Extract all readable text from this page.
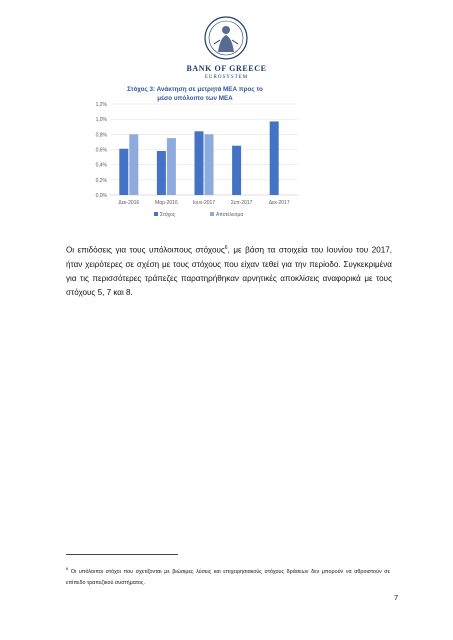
BANK OF GREECE
EUROSYSTEM
Στόχος 3: Ανάκτηση σε μετρητά ΜΕΑ προς το μέσο υπόλοιπο των ΜΕΑ
0,0%
0,2%
0,4%
0,6%
0,8%
1,0%
1,2%
Δεκ-2016	Μαρ-2016	Ιουν-2017	Σεπ-2017	Δεκ-2017
Στόχος	Αποτέλεσμα
Οι επιδόσεις για τους υπόλοιπους στόχους$^6$, με βάση τα στοιχεία του Ιουνίου του 2017, ήταν χειρότερες σε σχέση με τους στόχους που είχαν τεθεί για την περίοδο. Συγκεκριμένα για τις περισσότερες τράπεζες παρατηρήθηκαν αρνητικές αποκλίσεις αναφορικά με τους στόχους 5, 7 και 8.
$^6$ Οι υπόλοιποι στόχοι που σχετίζονται με βιώσιμες λύσεις και επιχειρησιακούς στόχους δράσεων δεν μπορούν να αθροιστούν σε επίπεδο τραπεζικού συστήματος.
7
